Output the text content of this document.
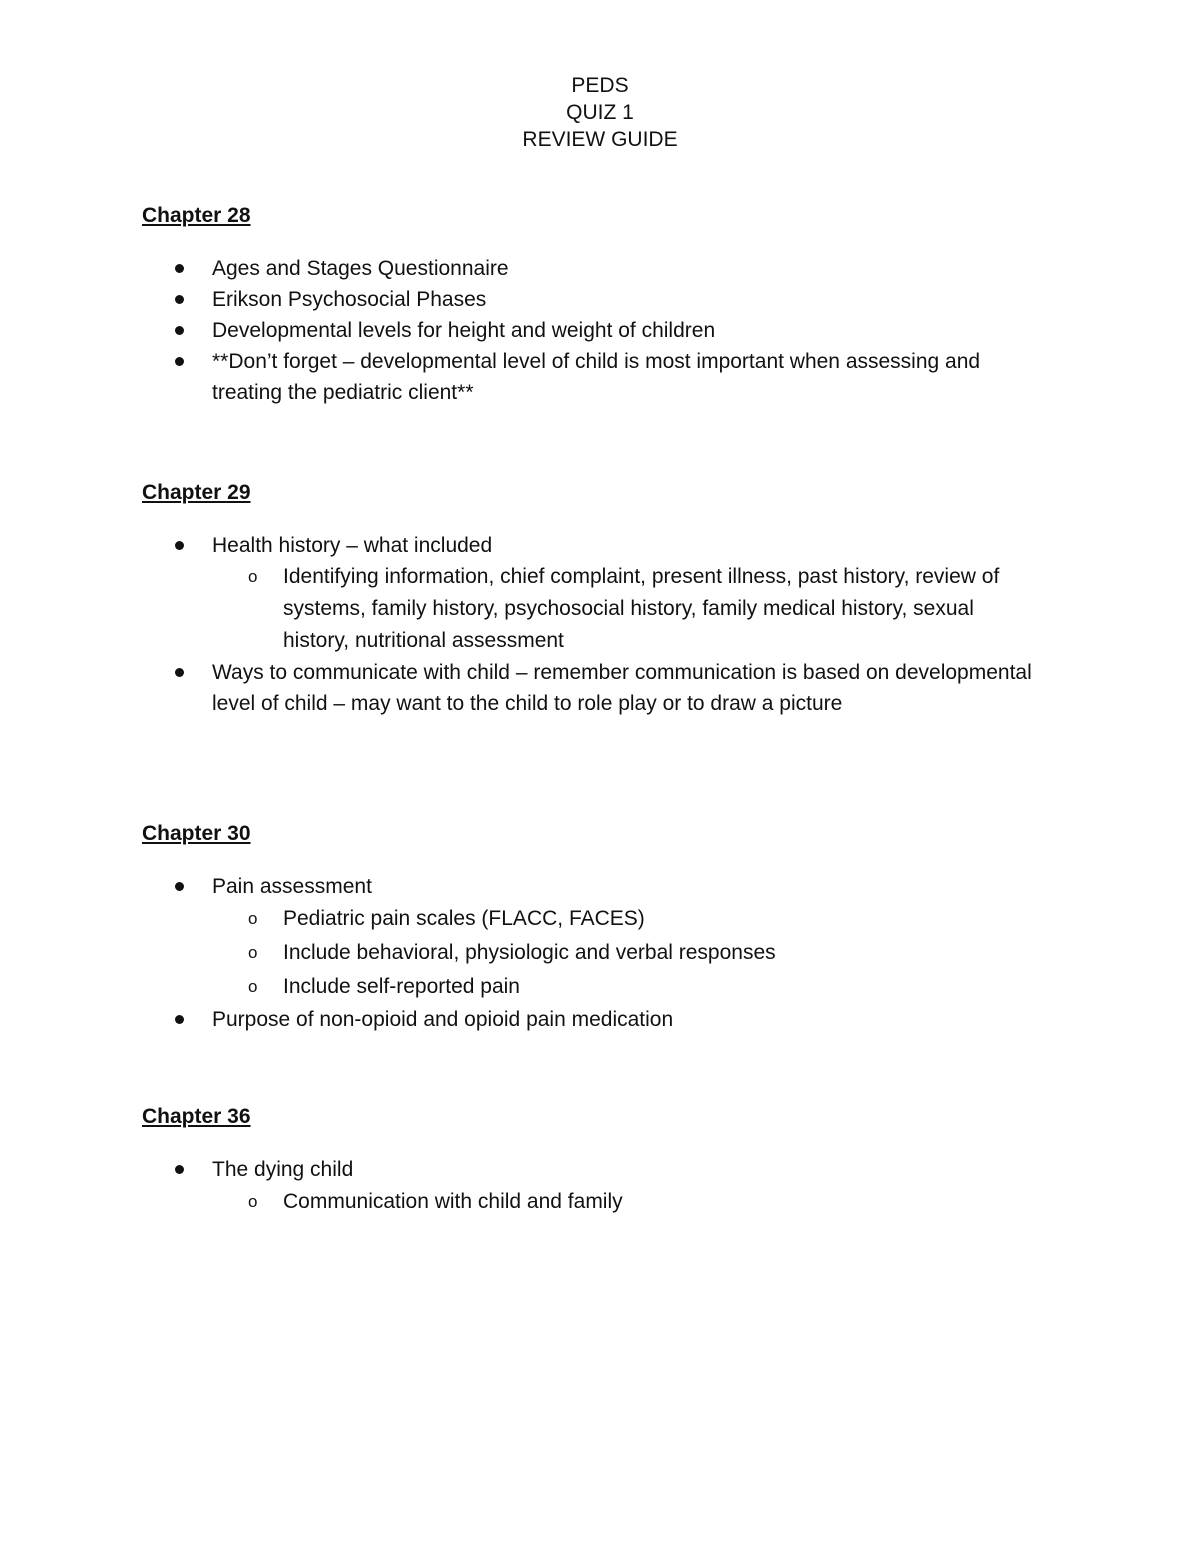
PEDS
QUIZ 1
REVIEW GUIDE

Chapter 28

Ages and Stages Questionnaire
Erikson Psychosocial Phases
Developmental levels for height and weight of children
**Don’t forget – developmental level of child is most important when assessing and treating the pediatric client**

Chapter 29

Health history – what included
o Identifying information, chief complaint, present illness, past history, review of systems, family history, psychosocial history, family medical history, sexual history, nutritional assessment
Ways to communicate with child – remember communication is based on developmental level of child – may want to the child to role play or to draw a picture

Chapter 30

Pain assessment
o Pediatric pain scales (FLACC, FACES)
o Include behavioral, physiologic and verbal responses
o Include self-reported pain
Purpose of non-opioid and opioid pain medication

Chapter 36

The dying child
o Communication with child and family
